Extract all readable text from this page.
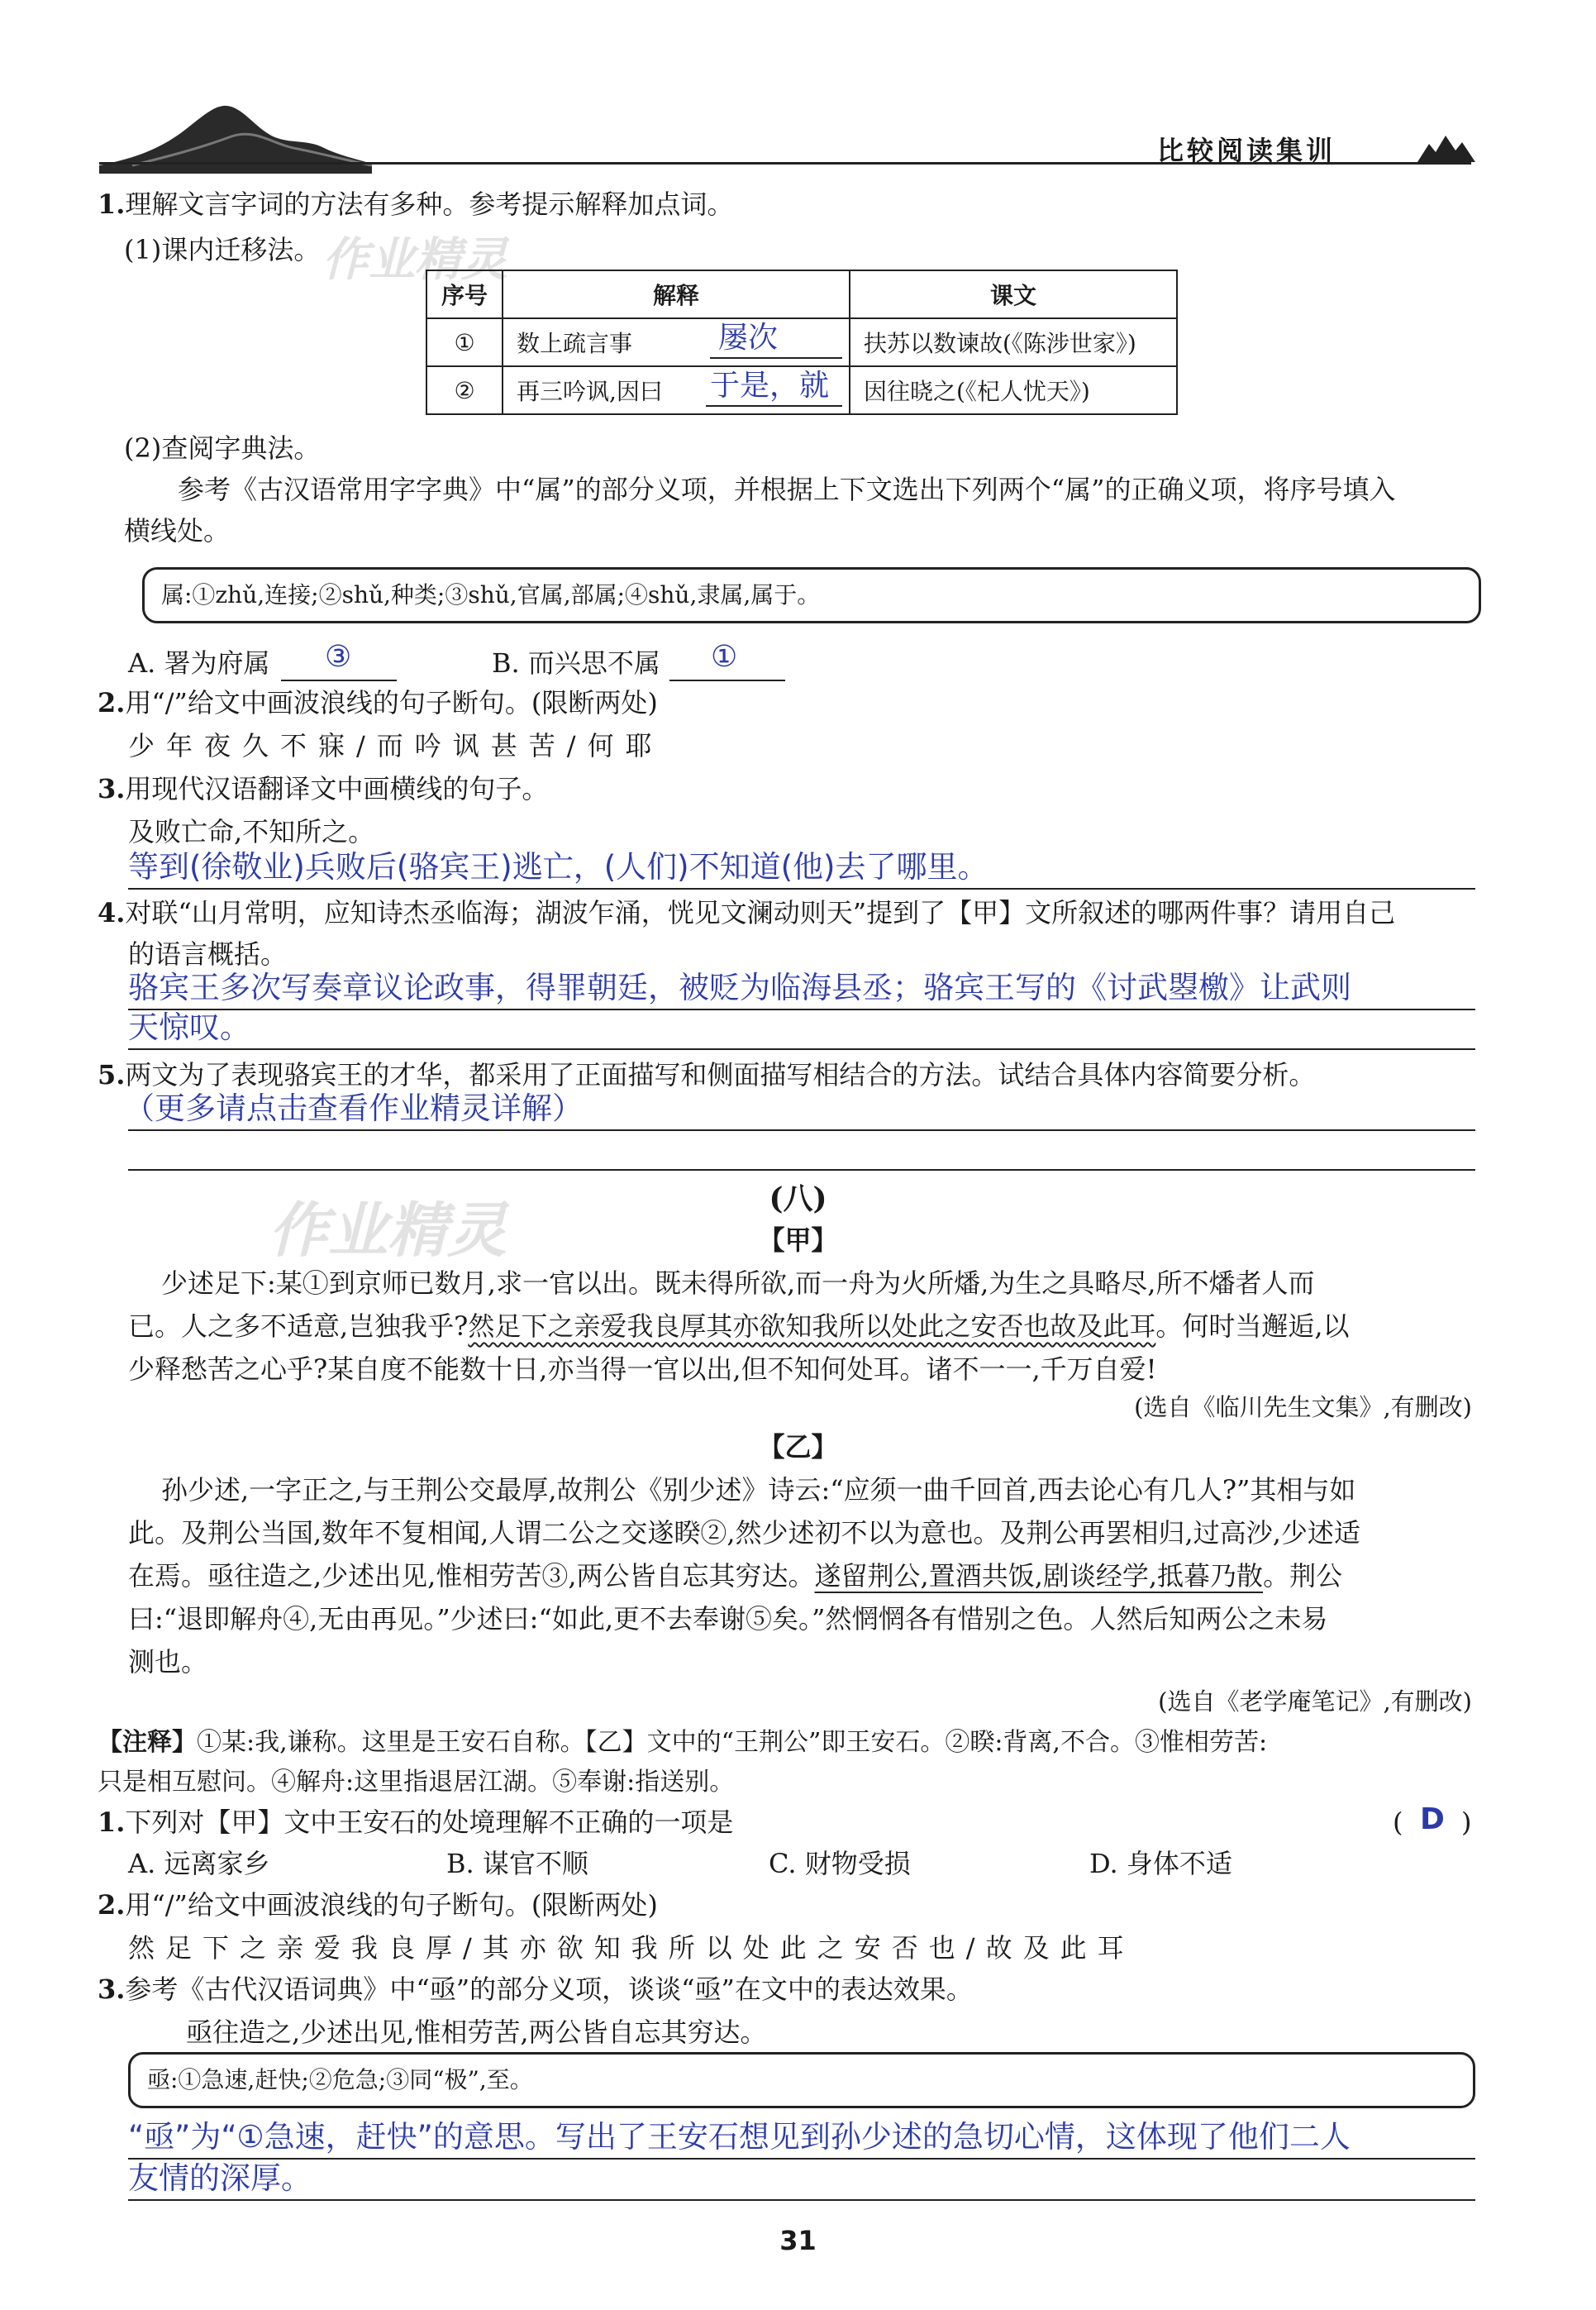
比较阅读集训
作业精灵
作业精灵
1.理解文言字词的方法有多种。参考提示解释加点词。
(1)课内迁移法。
序号	解释	课文
①	数上疏言事 屡次	扶苏以数谏故(《陈涉世家》)
②	再三吟讽,因曰 于是，就	因往晓之(《杞人忧天》)
(2)查阅字典法。
参考《古汉语常用字字典》中“属”的部分义项，并根据上下文选出下列两个“属”的正确义项，将序号填入
横线处。
属:①zhǔ,连接;②shǔ,种类;③shǔ,官属,部属;④shǔ,隶属,属于。
A. 署为府属 ③	B. 而兴思不属 ①
2.用“/”给文中画波浪线的句子断句。(限断两处)
少年夜久不寐/而吟讽甚苦/何耶
3.用现代汉语翻译文中画横线的句子。
及败亡命,不知所之。
等到(徐敬业)兵败后(骆宾王)逃亡，(人们)不知道(他)去了哪里。
4.对联“山月常明，应知诗杰丞临海；湖波乍涌，恍见文澜动则天”提到了【甲】文所叙述的哪两件事？请用自己
的语言概括。
骆宾王多次写奏章议论政事，得罪朝廷，被贬为临海县丞；骆宾王写的《讨武曌檄》让武则
天惊叹。
5.两文为了表现骆宾王的才华，都采用了正面描写和侧面描写相结合的方法。试结合具体内容简要分析。
（更多请点击查看作业精灵详解）
(八)
【甲】
少述足下:某①到京师已数月,求一官以出。既未得所欲,而一舟为火所燔,为生之具略尽,所不燔者人而
已。人之多不适意,岂独我乎?然足下之亲爱我良厚其亦欲知我所以处此之安否也故及此耳。何时当邂逅,以
少释愁苦之心乎?某自度不能数十日,亦当得一官以出,但不知何处耳。诸不一一,千万自爱!
(选自《临川先生文集》,有删改)
【乙】
孙少述,一字正之,与王荆公交最厚,故荆公《别少述》诗云:“应须一曲千回首,西去论心有几人?”其相与如
此。及荆公当国,数年不复相闻,人谓二公之交遂睽②,然少述初不以为意也。及荆公再罢相归,过高沙,少述适
在焉。亟往造之,少述出见,惟相劳苦③,两公皆自忘其穷达。遂留荆公,置酒共饭,剧谈经学,抵暮乃散。荆公
曰:“退即解舟④,无由再见。”少述曰:“如此,更不去奉谢⑤矣。”然惘惘各有惜别之色。人然后知两公之未易
测也。
(选自《老学庵笔记》,有删改)
【注释】①某:我,谦称。这里是王安石自称。【乙】文中的“王荆公”即王安石。②睽:背离,不合。③惟相劳苦:
只是相互慰问。④解舟:这里指退居江湖。⑤奉谢:指送别。
1.下列对【甲】文中王安石的处境理解不正确的一项是	( D )
A. 远离家乡	B. 谋官不顺	C. 财物受损	D. 身体不适
2.用“/”给文中画波浪线的句子断句。(限断两处)
然足下之亲爱我良厚/其亦欲知我所以处此之安否也/故及此耳
3.参考《古代汉语词典》中“亟”的部分义项，谈谈“亟”在文中的表达效果。
亟往造之,少述出见,惟相劳苦,两公皆自忘其穷达。
亟:①急速,赶快;②危急;③同“极”,至。
“亟”为“①急速，赶快”的意思。写出了王安石想见到孙少述的急切心情，这体现了他们二人
友情的深厚。
31
